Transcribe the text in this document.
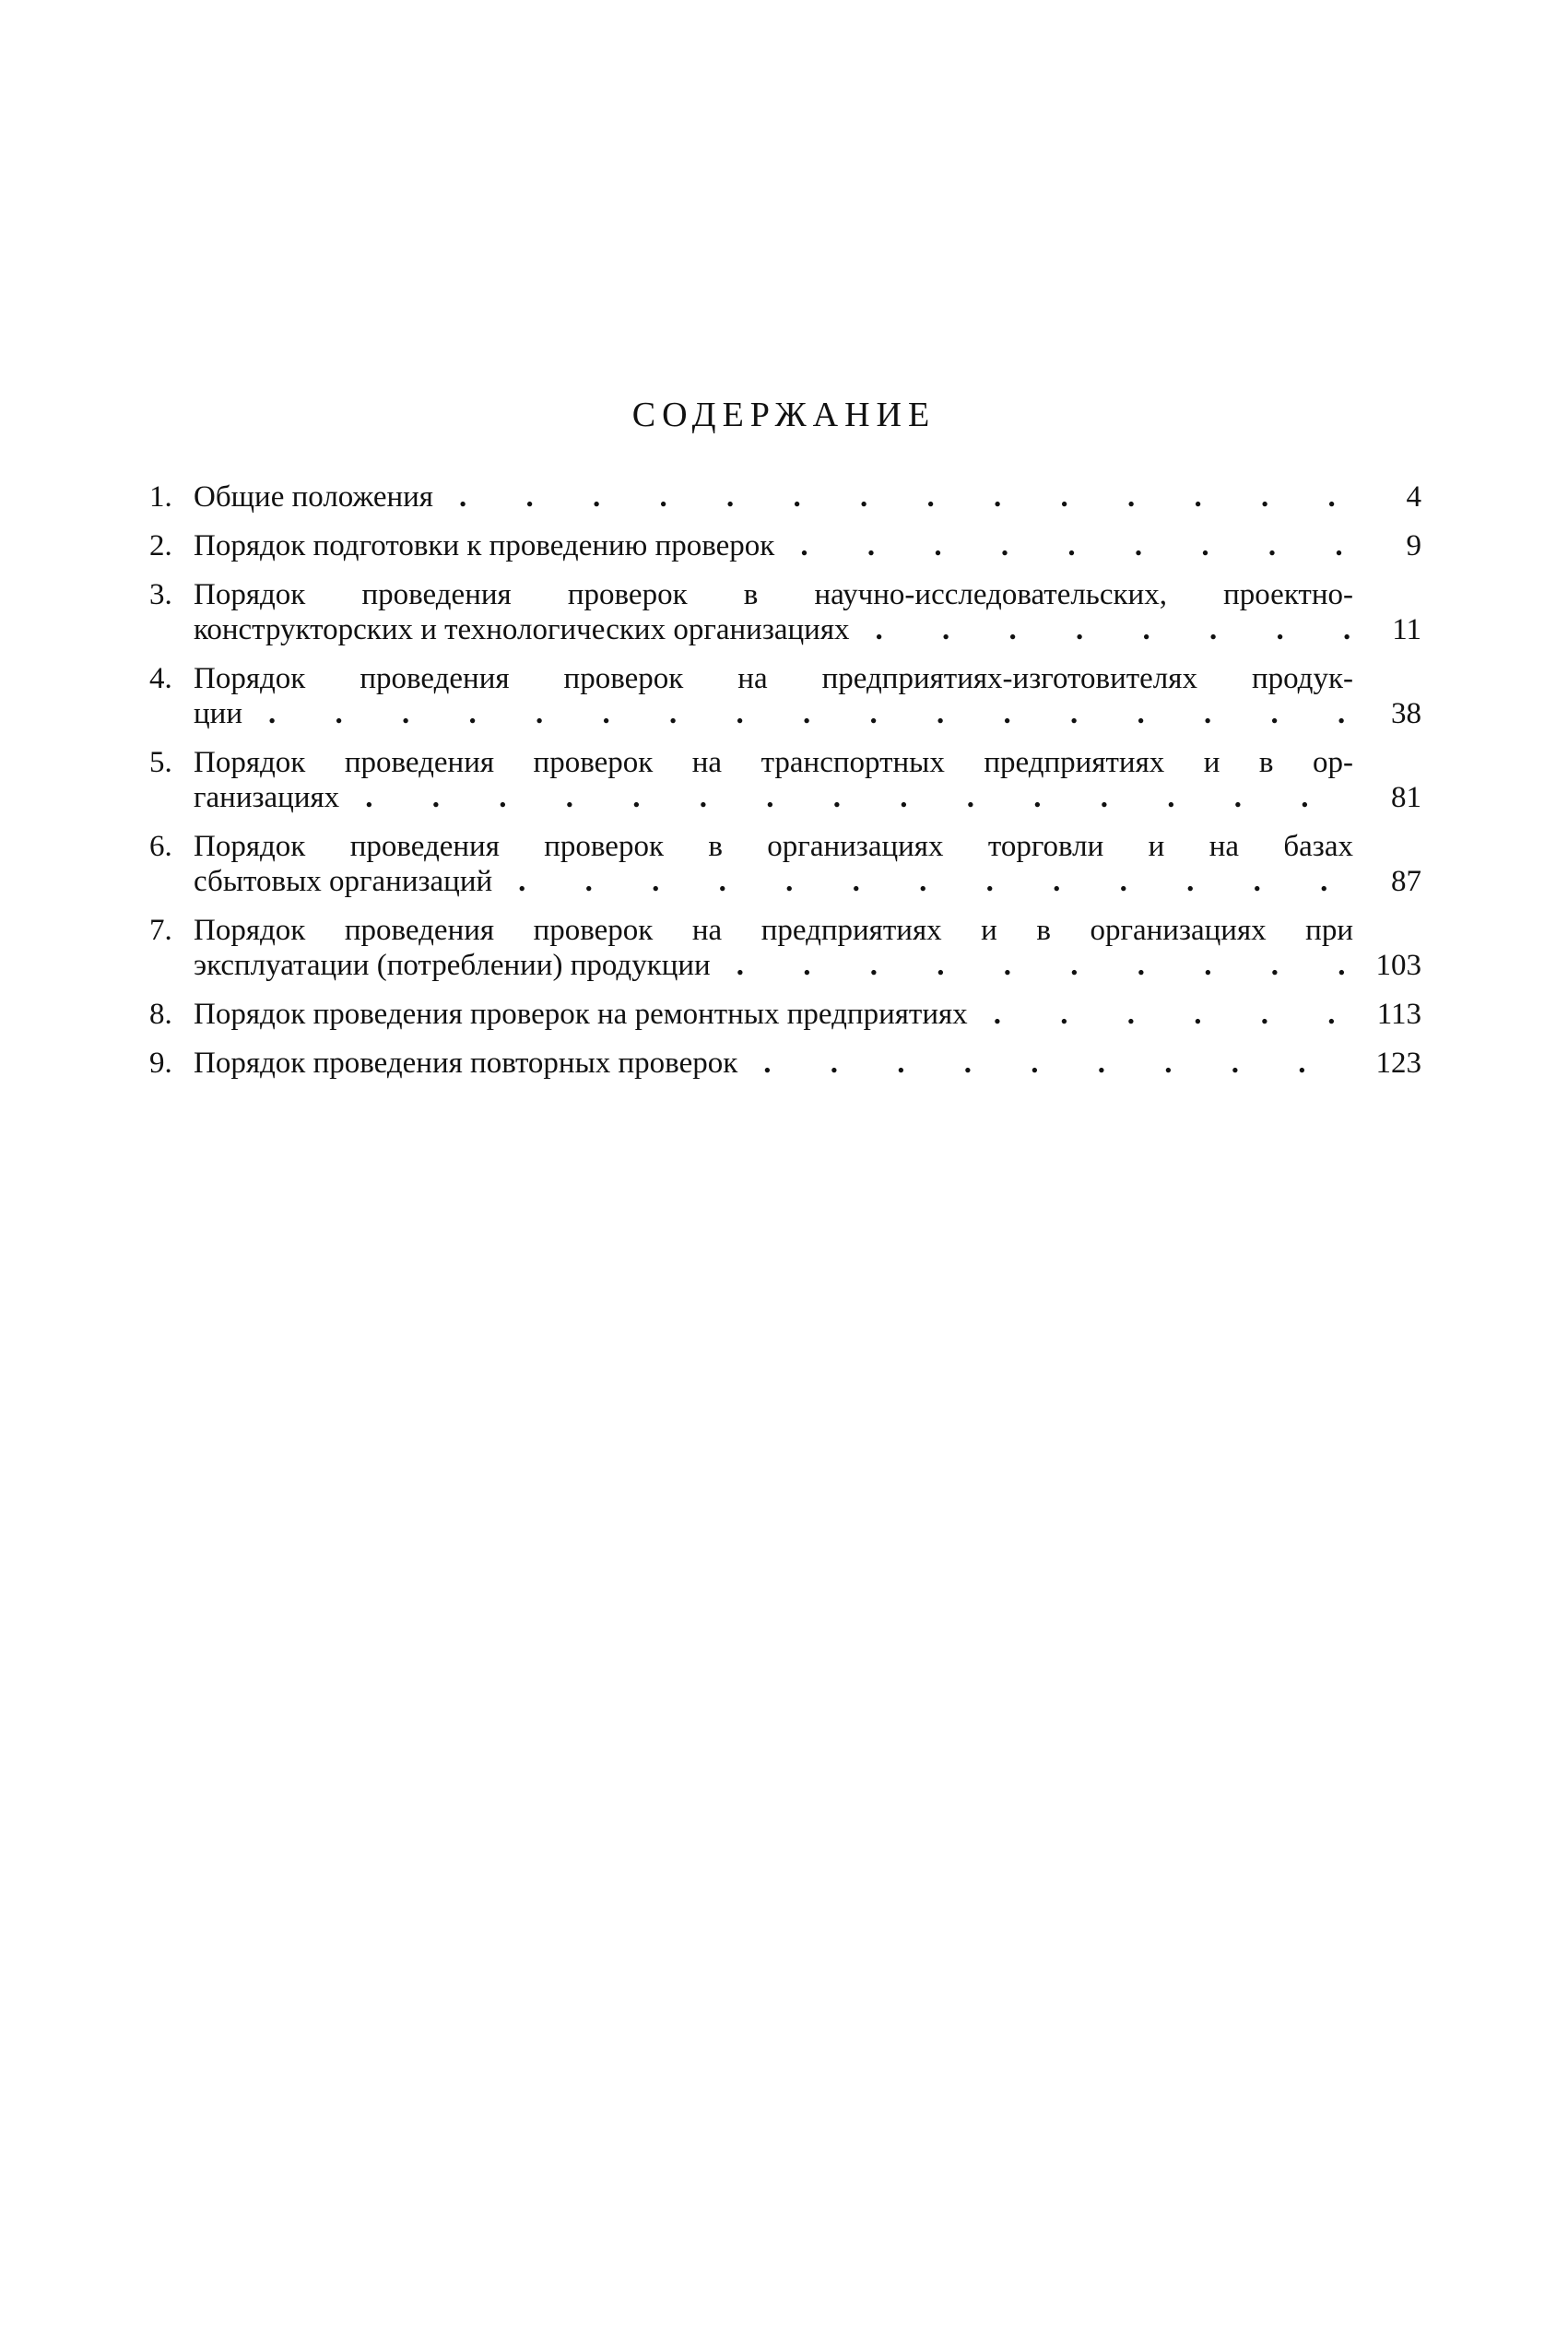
СОДЕРЖАНИЕ
1. Общие положения . . .	4
2. Порядок подготовки к проведению проверок . . .	9
3. Порядок проведения проверок в научно-исследовательских, проектно-
конструкторских и технологических организациях . . .	11
4. Порядок проведения проверок на предприятиях-изготовителях продук-
ции . . .	38
5. Порядок проведения проверок на транспортных предприятиях и в ор-
ганизациях . . .	81
6. Порядок проведения проверок в организациях торговли и на базах
сбытовых организаций . . .	87
7. Порядок проведения проверок на предприятиях и в организациях при
эксплуатации (потреблении) продукции . . .	103
8. Порядок проведения проверок на ремонтных предприятиях . . .	113
9. Порядок проведения повторных проверок . . .	123
